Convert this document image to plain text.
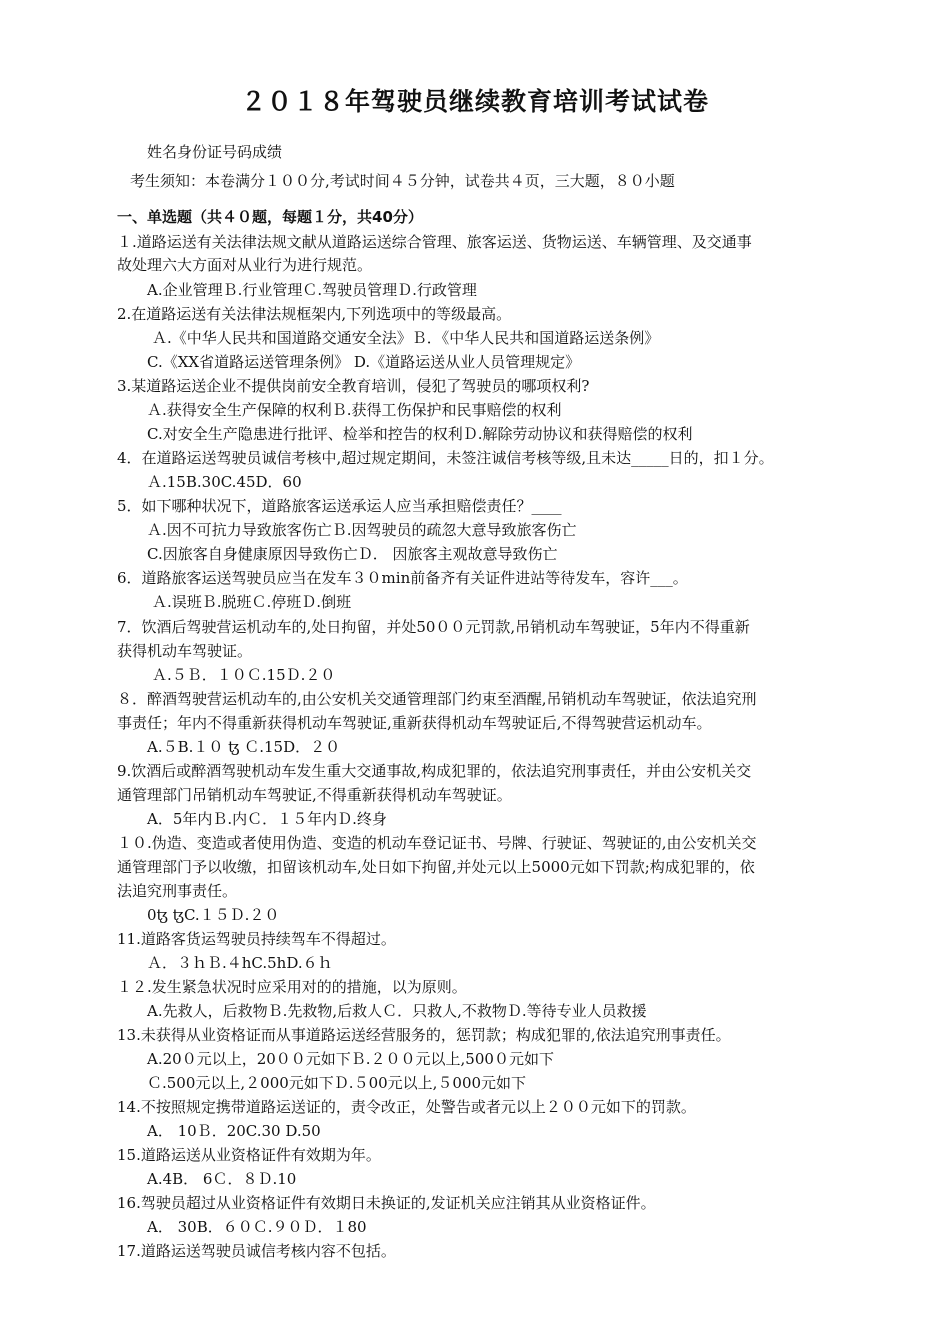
２０１８年驾驶员继续教育培训考试试卷
姓名身份证号码成绩
考生须知：本卷满分１００分,考试时间４５分钟，试卷共４页，三大题，８０小题
一、单选题（共４０题，每题１分，共40分）
１.道路运送有关法律法规文献从道路运送综合管理、旅客运送、货物运送、车辆管理、及交通事
故处理六大方面对从业行为进行规范。
A.企业管理Ｂ.行业管理Ｃ.驾驶员管理Ｄ.行政管理
2.在道路运送有关法律法规框架内,下列选项中的等级最高。
Ａ.《中华人民共和国道路交通安全法》Ｂ．《中华人民共和国道路运送条例》
C.《XX省道路运送管理条例》 D.《道路运送从业人员管理规定》
3.某道路运送企业不提供岗前安全教育培训，侵犯了驾驶员的哪项权利?
Ａ.获得安全生产保障的权利Ｂ.获得工伤保护和民事赔偿的权利
C.对安全生产隐患进行批评、检举和控告的权利Ｄ.解除劳动协议和获得赔偿的权利
4．在道路运送驾驶员诚信考核中,超过规定期间，未签注诚信考核等级,且未达_____日的，扣１分。
Ａ.15B.30C.45D．60
5．如下哪种状况下，道路旅客运送承运人应当承担赔偿责任？____
Ａ.因不可抗力导致旅客伤亡Ｂ.因驾驶员的疏忽大意导致旅客伤亡
C.因旅客自身健康原因导致伤亡Ｄ． 因旅客主观故意导致伤亡
6．道路旅客运送驾驶员应当在发车３０min前备齐有关证件进站等待发车，容许___。
Ａ.误班Ｂ.脱班Ｃ.停班Ｄ.倒班
7．饮酒后驾驶营运机动车的,处日拘留，并处50００元罚款,吊销机动车驾驶证，5年内不得重新
获得机动车驾驶证。
Ａ.５Ｂ．１０Ｃ.15Ｄ.２０
８．醉酒驾驶营运机动车的,由公安机关交通管理部门约束至酒醒,吊销机动车驾驶证，依法追究刑
事责任；年内不得重新获得机动车驾驶证,重新获得机动车驾驶证后,不得驾驶营运机动车。
A.５B.１０ ꜩ Ｃ.15D．２０
9.饮酒后或醉酒驾驶机动车发生重大交通事故,构成犯罪的，依法追究刑事责任，并由公安机关交
通管理部门吊销机动车驾驶证,不得重新获得机动车驾驶证。
A．5年内Ｂ.内Ｃ．１５年内Ｄ.终身
１０.伪造、变造或者使用伪造、变造的机动车登记证书、号牌、行驶证、驾驶证的,由公安机关交
通管理部门予以收缴，扣留该机动车,处日如下拘留,并处元以上5000元如下罚款;构成犯罪的，依
法追究刑事责任。
0ꜩ ꜩC.１５Ｄ.２０
11.道路客货运驾驶员持续驾车不得超过。
Ａ．３ｈＢ.４hC.5hD.６ｈ
１２.发生紧急状况时应采用对的的措施，以为原则。
A.先救人，后救物Ｂ.先救物,后救人Ｃ．只救人,不救物Ｄ.等待专业人员救援
13.未获得从业资格证而从事道路运送经营服务的，惩罚款；构成犯罪的,依法追究刑事责任。
A.20０元以上，20００元如下Ｂ.２００元以上,500０元如下
Ｃ.500元以上,２000元如下Ｄ.５00元以上,５000元如下
14.不按照规定携带道路运送证的，责令改正，处警告或者元以上２００元如下的罚款。
A． 10Ｂ．20C.30 D.50
15.道路运送从业资格证件有效期为年。
A.4B． 6Ｃ．８Ｄ.10
16.驾驶员超过从业资格证件有效期日未换证的,发证机关应注销其从业资格证件。
A． 30B．６０Ｃ.９０Ｄ．１80
17.道路运送驾驶员诚信考核内容不包括。
